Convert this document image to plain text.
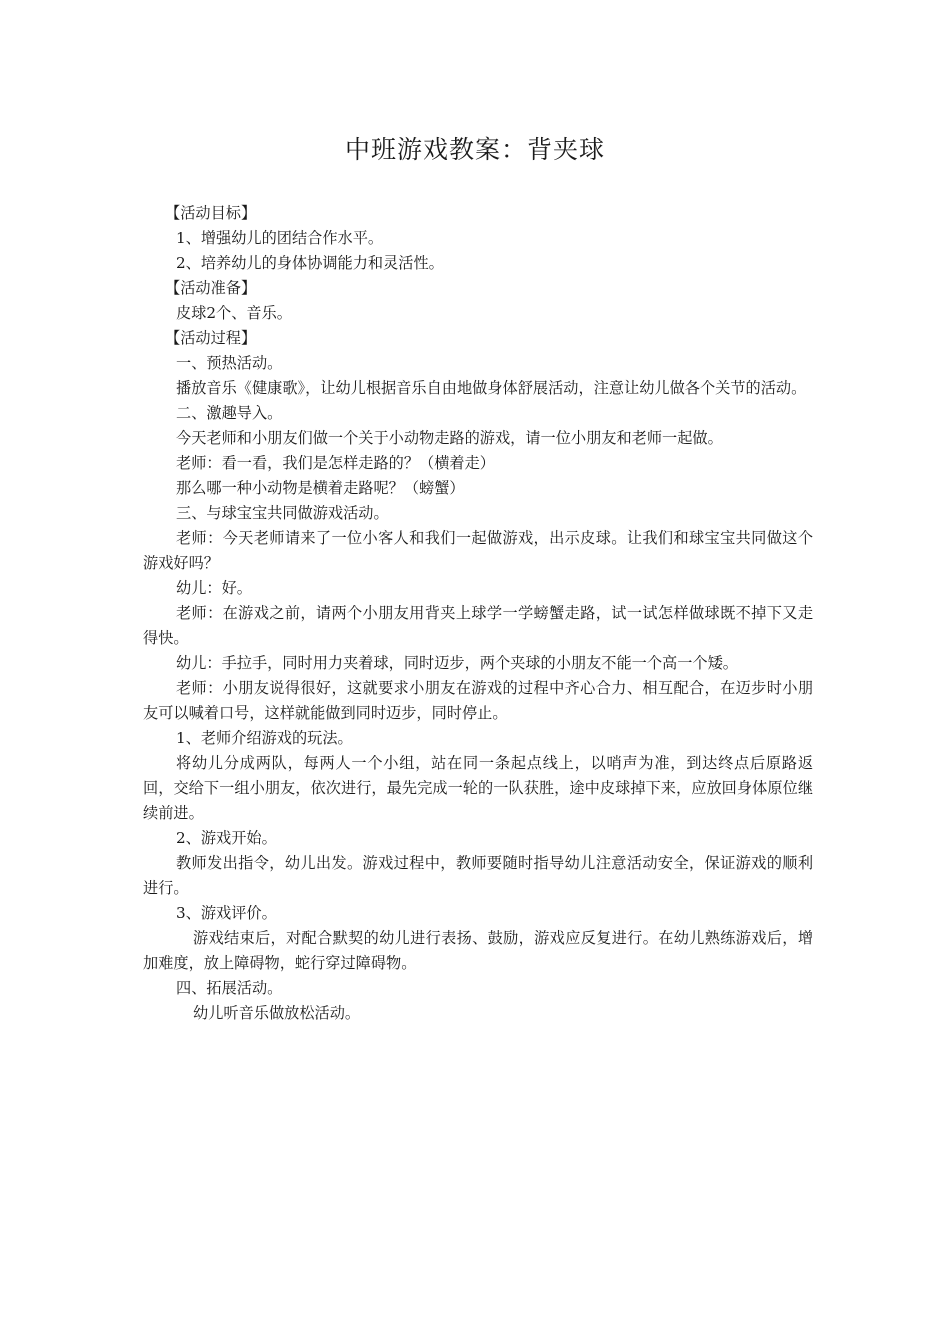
中班游戏教案：背夹球

【活动目标】

1、增强幼儿的团结合作水平。

2、培养幼儿的身体协调能力和灵活性。

【活动准备】

皮球2个、音乐。

【活动过程】

一、预热活动。

播放音乐《健康歌》，让幼儿根据音乐自由地做身体舒展活动，注意让幼儿做各个关节的活动。

二、激趣导入。

今天老师和小朋友们做一个关于小动物走路的游戏，请一位小朋友和老师一起做。

老师：看一看，我们是怎样走路的？（横着走）

那么哪一种小动物是横着走路呢？（螃蟹）

三、与球宝宝共同做游戏活动。

老师：今天老师请来了一位小客人和我们一起做游戏，出示皮球。让我们和球宝宝共同做这个游戏好吗？

幼儿：好。

老师：在游戏之前，请两个小朋友用背夹上球学一学螃蟹走路，试一试怎样做球既不掉下又走得快。

幼儿：手拉手，同时用力夹着球，同时迈步，两个夹球的小朋友不能一个高一个矮。

老师：小朋友说得很好，这就要求小朋友在游戏的过程中齐心合力、相互配合，在迈步时小朋友可以喊着口号，这样就能做到同时迈步，同时停止。

1、老师介绍游戏的玩法。

将幼儿分成两队，每两人一个小组，站在同一条起点线上，以哨声为准，到达终点后原路返回，交给下一组小朋友，依次进行，最先完成一轮的一队获胜，途中皮球掉下来，应放回身体原位继续前进。

2、游戏开始。

教师发出指令，幼儿出发。游戏过程中，教师要随时指导幼儿注意活动安全，保证游戏的顺利进行。

3、游戏评价。

游戏结束后，对配合默契的幼儿进行表扬、鼓励，游戏应反复进行。在幼儿熟练游戏后，增加难度，放上障碍物，蛇行穿过障碍物。

四、拓展活动。

幼儿听音乐做放松活动。
